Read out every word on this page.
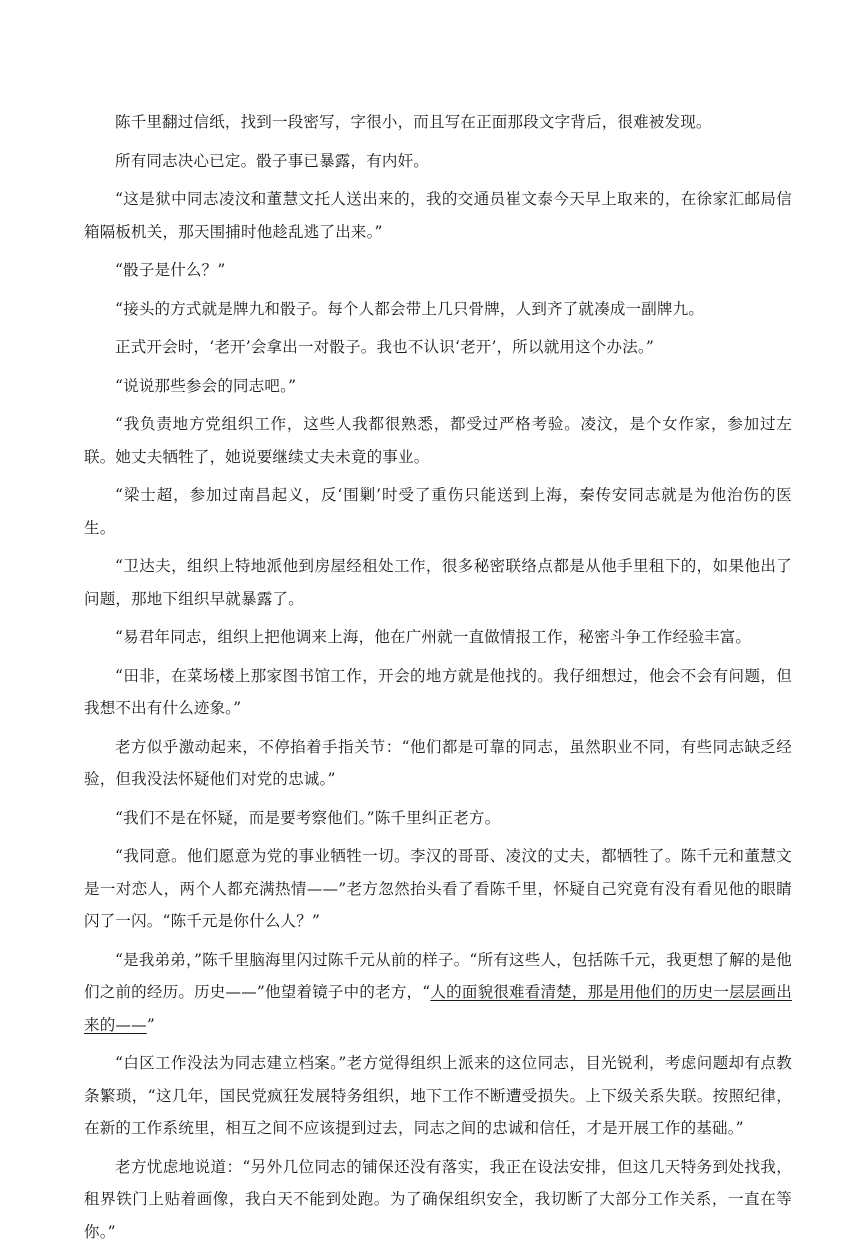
陈千里翻过信纸，找到一段密写，字很小，而且写在正面那段文字背后，很难被发现。

所有同志决心已定。骰子事已暴露，有内奸。

“这是狱中同志凌汶和董慧文托人送出来的，我的交通员崔文泰今天早上取来的，在徐家汇邮局信箱隔板机关，那天围捕时他趁乱逃了出来。”

“骰子是什么？”

“接头的方式就是牌九和骰子。每个人都会带上几只骨牌，人到齐了就凑成一副牌九。

正式开会时，‘老开’会拿出一对骰子。我也不认识‘老开’，所以就用这个办法。”

“说说那些参会的同志吧。”

“我负责地方党组织工作，这些人我都很熟悉，都受过严格考验。凌汶，是个女作家，参加过左联。她丈夫牺牲了，她说要继续丈夫未竟的事业。

“梁士超，参加过南昌起义，反‘围剿’时受了重伤只能送到上海，秦传安同志就是为他治伤的医生。

“卫达夫，组织上特地派他到房屋经租处工作，很多秘密联络点都是从他手里租下的，如果他出了问题，那地下组织早就暴露了。

“易君年同志，组织上把他调来上海，他在广州就一直做情报工作，秘密斗争工作经验丰富。

“田非，在菜场楼上那家图书馆工作，开会的地方就是他找的。我仔细想过，他会不会有问题，但我想不出有什么迹象。”

老方似乎激动起来，不停掐着手指关节：“他们都是可靠的同志，虽然职业不同，有些同志缺乏经验，但我没法怀疑他们对党的忠诚。”

“我们不是在怀疑，而是要考察他们。”陈千里纠正老方。

“我同意。他们愿意为党的事业牺牲一切。李汉的哥哥、凌汶的丈夫，都牺牲了。陈千元和董慧文是一对恋人，两个人都充满热情——”老方忽然抬头看了看陈千里，怀疑自己究竟有没有看见他的眼睛闪了一闪。“陈千元是你什么人？”

“是我弟弟，”陈千里脑海里闪过陈千元从前的样子。“所有这些人，包括陈千元，我更想了解的是他们之前的经历。历史——”他望着镜子中的老方，“人的面貌很难看清楚，那是用他们的历史一层层画出来的——”

“白区工作没法为同志建立档案。”老方觉得组织上派来的这位同志，目光锐利，考虑问题却有点教条繁琐，“这几年，国民党疯狂发展特务组织，地下工作不断遭受损失。上下级关系失联。按照纪律，在新的工作系统里，相互之间不应该提到过去，同志之间的忠诚和信任，才是开展工作的基础。”

老方忧虑地说道：“另外几位同志的铺保还没有落实，我正在设法安排，但这几天特务到处找我，租界铁门上贴着画像，我白天不能到处跑。为了确保组织安全，我切断了大部分工作关系，一直在等你。”
